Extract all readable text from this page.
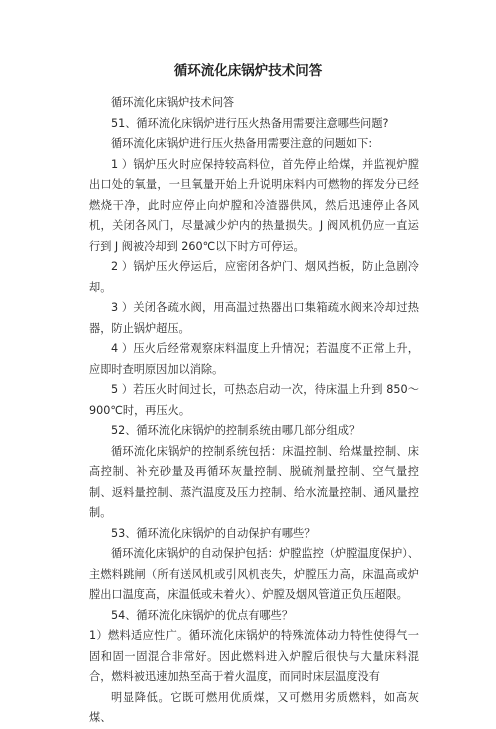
循环流化床锅炉技术问答

循环流化床锅炉技术问答

51、循环流化床锅炉进行压火热备用需要注意哪些问题?

循环流化床锅炉进行压火热备用需要注意的问题如下:

1 ）锅炉压火时应保持较高料位，首先停止给煤，并监视炉膛出口处的氧量，一旦氧量开始上升说明床料内可燃物的挥发分已经燃烧干净，此时应停止向炉膛和冷渣器供风，然后迅速停止各风机，关闭各风门，尽量减少炉内的热量损失。J 阀风机仍应一直运行到 J 阀被冷却到 260℃以下时方可停运。

2 ）锅炉压火停运后，应密闭各炉门、烟风挡板，防止急剧冷却。

3 ）关闭各疏水阀，用高温过热器出口集箱疏水阀来冷却过热器，防止锅炉超压。

4 ）压火后经常观察床料温度上升情况；若温度不正常上升，应即时查明原因加以消除。

5 ）若压火时间过长，可热态启动一次，待床温上升到 850～900℃时，再压火。

52、循环流化床锅炉的控制系统由哪几部分组成？

循环流化床锅炉的控制系统包括：床温控制、给煤量控制、床高控制、补充砂量及再循环灰量控制、脱硫剂量控制、空气量控制、返料量控制、蒸汽温度及压力控制、给水流量控制、通风量控制。

53、循环流化床锅炉的自动保护有哪些？

循环流化床锅炉的自动保护包括：炉膛监控（炉膛温度保护）、主燃料跳闸（所有送风机或引风机丧失，炉膛压力高，床温高或炉膛出口温度高，床温低或未着火）、炉膛及烟风管道正负压超限。

54、循环流化床锅炉的优点有哪些？

1）燃料适应性广。循环流化床锅炉的特殊流体动力特性使得气一固和固一固混合非常好。因此燃料进入炉膛后很快与大量床料混合，燃料被迅速加热至高于着火温度，而同时床层温度没有

明显降低。它既可燃用优质煤，又可燃用劣质燃料，如高灰煤、
